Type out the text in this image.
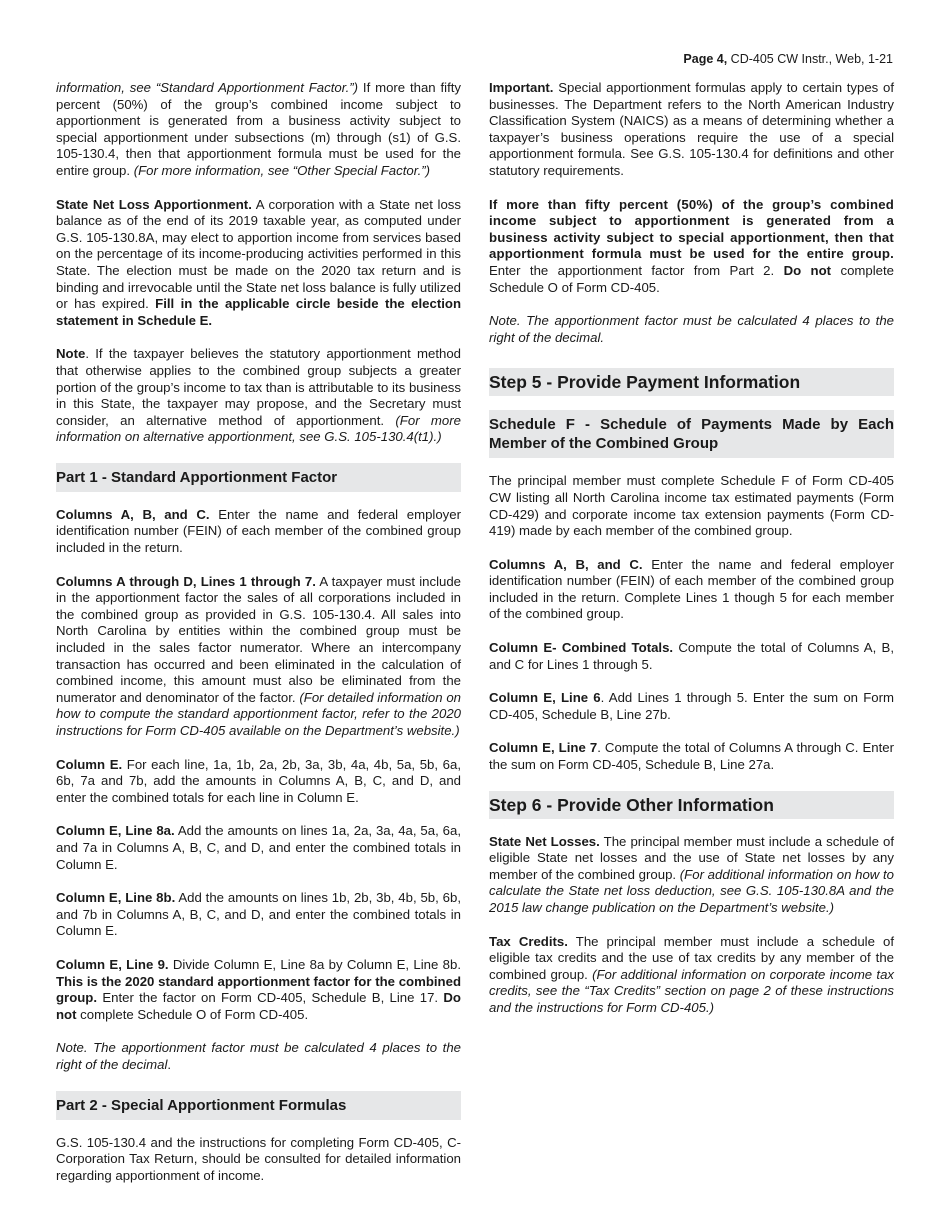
Page 4, CD-405 CW Instr., Web, 1-21

information, see “Standard Apportionment Factor.”) If more than fifty percent (50%) of the group’s combined income subject to apportionment is generated from a business activity subject to special apportionment under subsections (m) through (s1) of G.S. 105-130.4, then that apportionment formula must be used for the entire group. (For more information, see “Other Special Factor.”)

State Net Loss Apportionment. A corporation with a State net loss balance as of the end of its 2019 taxable year, as computed under G.S. 105-130.8A, may elect to apportion income from services based on the percentage of its income-producing activities performed in this State. The election must be made on the 2020 tax return and is binding and irrevocable until the State net loss balance is fully utilized or has expired. Fill in the applicable circle beside the election statement in Schedule E.

Note. If the taxpayer believes the statutory apportionment method that otherwise applies to the combined group subjects a greater portion of the group’s income to tax than is attributable to its business in this State, the taxpayer may propose, and the Secretary must consider, an alternative method of apportionment. (For more information on alternative apportionment, see G.S. 105-130.4(t1).)

Part 1 - Standard Apportionment Factor

Columns A, B, and C. Enter the name and federal employer identification number (FEIN) of each member of the combined group included in the return.

Columns A through D, Lines 1 through 7. A taxpayer must include in the apportionment factor the sales of all corporations included in the combined group as provided in G.S. 105-130.4. All sales into North Carolina by entities within the combined group must be included in the sales factor numerator. Where an intercompany transaction has occurred and been eliminated in the calculation of combined income, this amount must also be eliminated from the numerator and denominator of the factor. (For detailed information on how to compute the standard apportionment factor, refer to the 2020 instructions for Form CD-405 available on the Department’s website.)

Column E. For each line, 1a, 1b, 2a, 2b, 3a, 3b, 4a, 4b, 5a, 5b, 6a, 6b, 7a and 7b, add the amounts in Columns A, B, C, and D, and enter the combined totals for each line in Column E.

Column E, Line 8a. Add the amounts on lines 1a, 2a, 3a, 4a, 5a, 6a, and 7a in Columns A, B, C, and D, and enter the combined totals in Column E.

Column E, Line 8b. Add the amounts on lines 1b, 2b, 3b, 4b, 5b, 6b, and 7b in Columns A, B, C, and D, and enter the combined totals in Column E.

Column E, Line 9. Divide Column E, Line 8a by Column E, Line 8b. This is the 2020 standard apportionment factor for the combined group. Enter the factor on Form CD-405, Schedule B, Line 17. Do not complete Schedule O of Form CD-405.

Note. The apportionment factor must be calculated 4 places to the right of the decimal.

Part 2 - Special Apportionment Formulas

G.S. 105-130.4 and the instructions for completing Form CD-405, C-Corporation Tax Return, should be consulted for detailed information regarding apportionment of income.

Important. Special apportionment formulas apply to certain types of businesses. The Department refers to the North American Industry Classification System (NAICS) as a means of determining whether a taxpayer’s business operations require the use of a special apportionment formula. See G.S. 105-130.4 for definitions and other statutory requirements.

If more than fifty percent (50%) of the group’s combined income subject to apportionment is generated from a business activity subject to special apportionment, then that apportionment formula must be used for the entire group. Enter the apportionment factor from Part 2. Do not complete Schedule O of Form CD-405.

Note. The apportionment factor must be calculated 4 places to the right of the decimal.

Step 5 - Provide Payment Information
Schedule F - Schedule of Payments Made by Each Member of the Combined Group

The principal member must complete Schedule F of Form CD-405 CW listing all North Carolina income tax estimated payments (Form CD-429) and corporate income tax extension payments (Form CD-419) made by each member of the combined group.

Columns A, B, and C. Enter the name and federal employer identification number (FEIN) of each member of the combined group included in the return. Complete Lines 1 though 5 for each member of the combined group.

Column E- Combined Totals. Compute the total of Columns A, B, and C for Lines 1 through 5.

Column E, Line 6. Add Lines 1 through 5. Enter the sum on Form CD-405, Schedule B, Line 27b.

Column E, Line 7. Compute the total of Columns A through C. Enter the sum on Form CD-405, Schedule B, Line 27a.

Step 6 - Provide Other Information

State Net Losses. The principal member must include a schedule of eligible State net losses and the use of State net losses by any member of the combined group. (For additional information on how to calculate the State net loss deduction, see G.S. 105-130.8A and the 2015 law change publication on the Department’s website.)

Tax Credits. The principal member must include a schedule of eligible tax credits and the use of tax credits by any member of the combined group. (For additional information on corporate income tax credits, see the “Tax Credits” section on page 2 of these instructions and the instructions for Form CD-405.)
